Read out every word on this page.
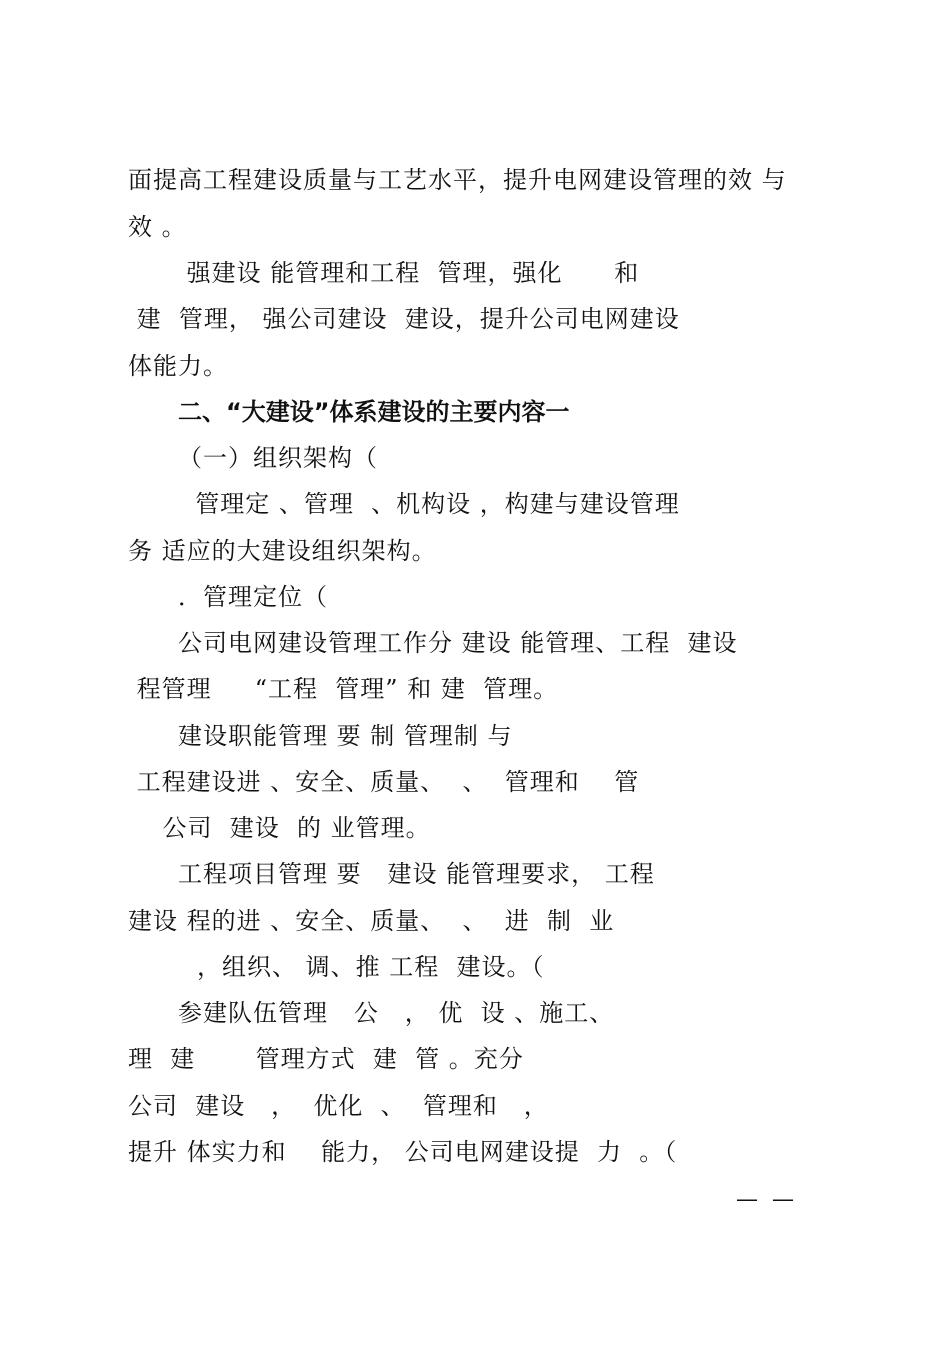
面提高工程建设质量与工艺水平，提升电网建设管理的效 与
效 。
强建设 能管理和工程  管理，强化      和
建  管理， 强公司建设  建设，提升公司电网建设
体能力。
二、“大建设”体系建设的主要内容一
（一）组织架构（
管理定 、管理  、机构设 ，构建与建设管理
务 适应的大建设组织架构。
．管理定位（
公司电网建设管理工作分 建设 能管理、工程  建设
程管理     “工程  管理” 和 建  管理。
建设职能管理 要 制 管理制 与
工程建设进 、安全、质量、  、  管理和    管
公司  建设  的 业管理。
工程项目管理 要   建设 能管理要求， 工程
建设 程的进 、安全、质量、  、  进  制  业
，组织、 调、推 工程  建设。（
参建队伍管理   公   ， 优  设 、施工、
理  建       管理方式  建  管 。充分
公司  建设   ，  优化  、  管理和   ，
提升 体实力和    能力， 公司电网建设提  力  。（
—  —
